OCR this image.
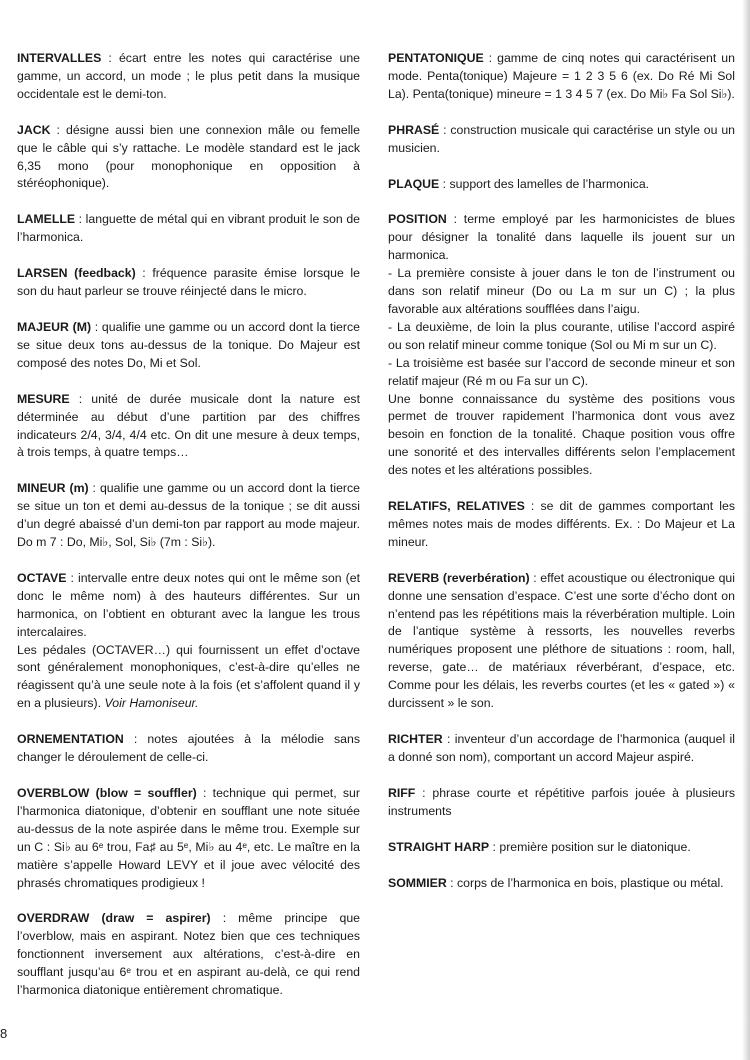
INTERVALLES : écart entre les notes qui caractérise une gamme, un accord, un mode ; le plus petit dans la musique occidentale est le demi-ton.

JACK : désigne aussi bien une connexion mâle ou femelle que le câble qui s’y rattache. Le modèle standard est le jack 6,35 mono (pour monophonique en opposition à stéréophonique).

LAMELLE : languette de métal qui en vibrant produit le son de l’harmonica.

LARSEN (feedback) : fréquence parasite émise lorsque le son du haut parleur se trouve réinjecté dans le micro.

MAJEUR (M) : qualifie une gamme ou un accord dont la tierce se situe deux tons au-dessus de la tonique. Do Majeur est composé des notes Do, Mi et Sol.

MESURE : unité de durée musicale dont la nature est déterminée au début d’une partition par des chiffres indicateurs 2/4, 3/4, 4/4 etc. On dit une mesure à deux temps, à trois temps, à quatre temps…

MINEUR (m) : qualifie une gamme ou un accord dont la tierce se situe un ton et demi au-dessus de la tonique ; se dit aussi d’un degré abaissé d’un demi-ton par rapport au mode majeur. Do m 7 : Do, Mi♭, Sol, Si♭ (7m : Si♭).

OCTAVE : intervalle entre deux notes qui ont le même son (et donc le même nom) à des hauteurs différentes. Sur un harmonica, on l’obtient en obturant avec la langue les trous intercalaires.

Les pédales (OCTAVER…) qui fournissent un effet d’octave sont généralement monophoniques, c’est-à-dire qu’elles ne réagissent qu’à une seule note à la fois (et s’affolent quand il y en a plusieurs). Voir Hamoniseur.

ORNEMENTATION : notes ajoutées à la mélodie sans changer le déroulement de celle-ci.

OVERBLOW (blow = souffler) : technique qui permet, sur l’harmonica diatonique, d’obtenir en soufflant une note située au-dessus de la note aspirée dans le même trou. Exemple sur un C : Si♭ au 6ᵉ trou, Fa♯ au 5ᵉ, Mi♭ au 4ᵉ, etc. Le maître en la matière s’appelle Howard LEVY et il joue avec vélocité des phrasés chromatiques prodigieux !

OVERDRAW (draw = aspirer) : même principe que l’overblow, mais en aspirant. Notez bien que ces techniques fonctionnent inversement aux altérations, c’est-à-dire en soufflant jusqu’au 6ᵉ trou et en aspirant au-delà, ce qui rend l’harmonica diatonique entièrement chromatique.

PENTATONIQUE : gamme de cinq notes qui caractérisent un mode. Penta(tonique) Majeure = 1 2 3 5 6 (ex. Do Ré Mi Sol La). Penta(tonique) mineure = 1 3 4 5 7 (ex. Do Mi♭ Fa Sol Si♭).

PHRASÉ : construction musicale qui caractérise un style ou un musicien.

PLAQUE : support des lamelles de l’harmonica.

POSITION : terme employé par les harmonicistes de blues pour désigner la tonalité dans laquelle ils jouent sur un harmonica.

- La première consiste à jouer dans le ton de l’instrument ou dans son relatif mineur (Do ou La m sur un C) ; la plus favorable aux altérations soufflées dans l’aigu.

- La deuxième, de loin la plus courante, utilise l’accord aspiré ou son relatif mineur comme tonique (Sol ou Mi m sur un C).

- La troisième est basée sur l’accord de seconde mineur et son relatif majeur (Ré m ou Fa sur un C).

Une bonne connaissance du système des positions vous permet de trouver rapidement l’harmonica dont vous avez besoin en fonction de la tonalité. Chaque position vous offre une sonorité et des intervalles différents selon l’emplacement des notes et les altérations possibles.

RELATIFS, RELATIVES : se dit de gammes comportant les mêmes notes mais de modes différents. Ex. : Do Majeur et La mineur.

REVERB (reverbération) : effet acoustique ou électronique qui donne une sensation d’espace. C’est une sorte d’écho dont on n’entend pas les répétitions mais la réverbération multiple. Loin de l’antique système à ressorts, les nouvelles reverbs numériques proposent une pléthore de situations : room, hall, reverse, gate… de matériaux réverbérant, d’espace, etc. Comme pour les délais, les reverbs courtes (et les « gated ») « durcissent » le son.

RICHTER : inventeur d’un accordage de l’harmonica (auquel il a donné son nom), comportant un accord Majeur aspiré.

RIFF : phrase courte et répétitive parfois jouée à plusieurs instruments

STRAIGHT HARP : première position sur le diatonique.

SOMMIER : corps de l’harmonica en bois, plastique ou métal.

8
